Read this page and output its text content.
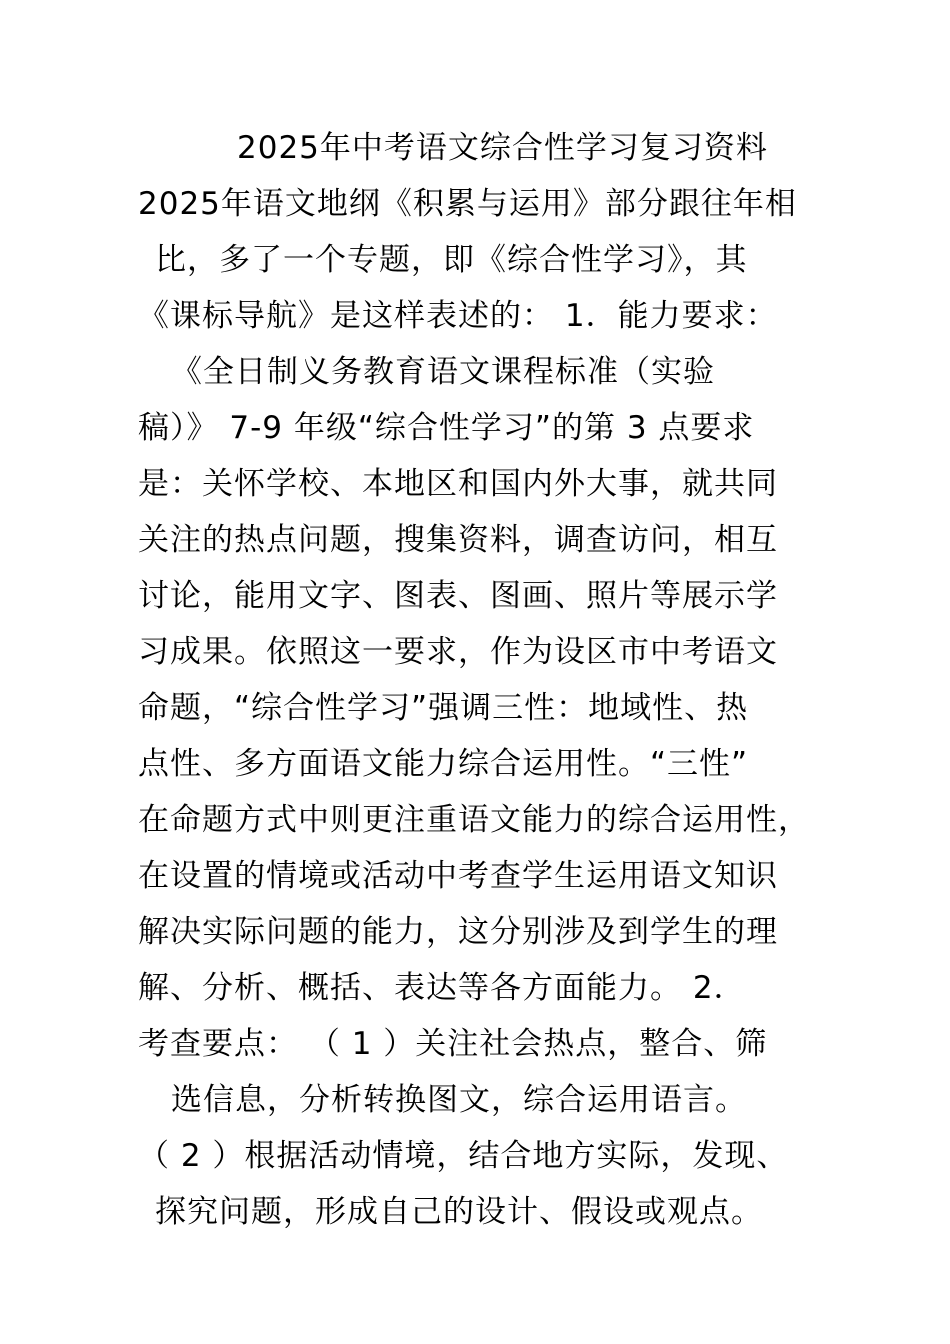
2025年中考语文综合性学习复习资料
2025年语文地纲《积累与运用》部分跟往年相
比，多了一个专题，即《综合性学习》，其
《课标导航》是这样表述的： 1．能力要求：
《全日制义务教育语文课程标准（实验
稿）》 7-9 年级“综合性学习”的第 3 点要求
是：关怀学校、本地区和国内外大事，就共同
关注的热点问题，搜集资料，调查访问，相互
讨论，能用文字、图表、图画、照片等展示学
习成果。依照这一要求，作为设区市中考语文
命题，“综合性学习”强调三性：地域性、热
点性、多方面语文能力综合运用性。“三性”
在命题方式中则更注重语文能力的综合运用性，
在设置的情境或活动中考查学生运用语文知识
解决实际问题的能力，这分别涉及到学生的理
解、分析、概括、表达等各方面能力。 2．
考查要点： （ 1 ）关注社会热点，整合、筛
选信息，分析转换图文，综合运用语言。
（ 2 ）根据活动情境，结合地方实际，发现、
探究问题，形成自己的设计、假设或观点。
